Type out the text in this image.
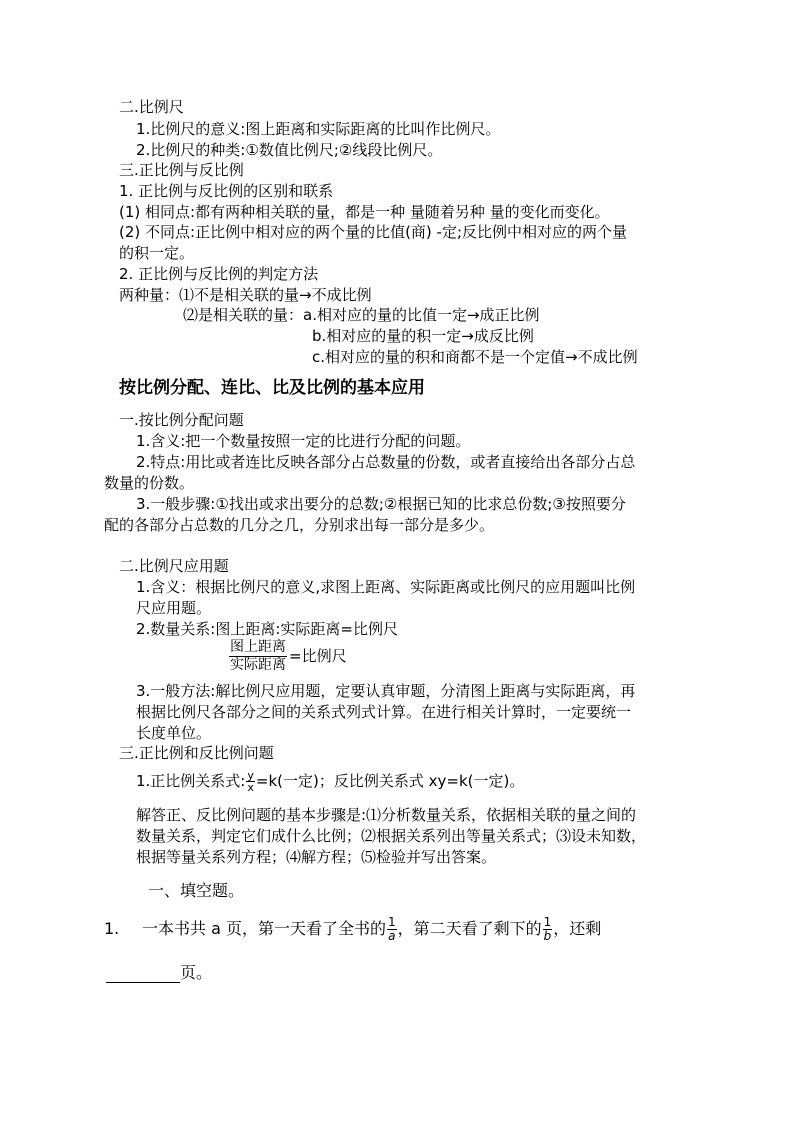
二.比例尺
1.比例尺的意义:图上距离和实际距离的比叫作比例尺。
2.比例尺的种类:①数值比例尺;②线段比例尺。
三.正比例与反比例
1. 正比例与反比例的区别和联系
(1) 相同点:都有两种相关联的量，都是一种 量随着另种 量的变化而变化。
(2) 不同点:正比例中相对应的两个量的比值(商) -定;反比例中相对应的两个量
的积一定。
2. 正比例与反比例的判定方法
两种量：⑴不是相关联的量→不成比例
⑵是相关联的量：a.相对应的量的比值一定→成正比例
b.相对应的量的积一定→成反比例
c.相对应的量的积和商都不是一个定值→不成比例
按比例分配、连比、比及比例的基本应用
一.按比例分配问题
1.含义:把一个数量按照一定的比进行分配的问题。
2.特点:用比或者连比反映各部分占总数量的份数，或者直接给出各部分占总
数量的份数。
3.一般步骤:①找出或求出要分的总数;②根据已知的比求总份数;③按照要分
配的各部分占总数的几分之几，分别求出每一部分是多少。
二.比例尺应用题
1.含义：根据比例尺的意义,求图上距离、实际距离或比例尺的应用题叫比例
尺应用题。
2.数量关系:图上距离:实际距离=比例尺
$\frac{\text{图上距离}}{\text{实际距离}}$ =比例尺
3.一般方法:解比例尺应用题，定要认真审题，分清图上距离与实际距离，再
根据比例尺各部分之间的关系式列式计算。在进行相关计算时，一定要统一
长度单位。
三.正比例和反比例问题
1.正比例关系式: $\frac{y}{x} =k$(一定)；反比例关系式 xy=k(一定)。
解答正、反比例问题的基本步骤是:⑴分析数量关系，依据相关联的量之间的
数量关系，判定它们成什么比例；⑵根据关系列出等量关系式；⑶设未知数，
根据等量关系列方程；⑷解方程；⑸检验并写出答案。
一、填空题。
1. 一本书共 a 页，第一天看了全书的 $\frac{1}{a}$ ，第二天看了剩下的 $\frac{1}{b}$ ，还剩
页。
